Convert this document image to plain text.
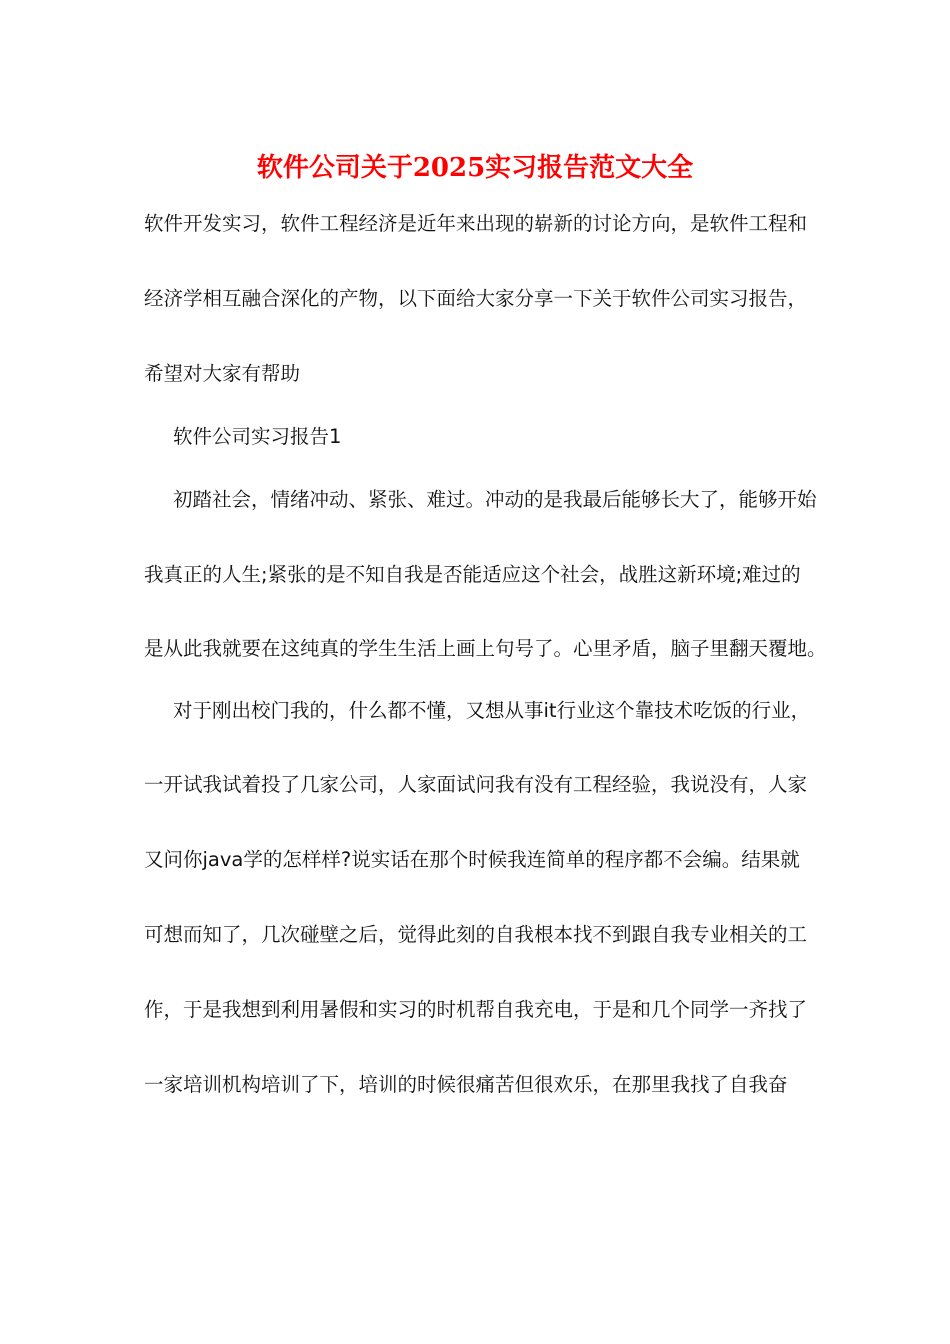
软件公司关于2025实习报告范文大全

软件开发实习，软件工程经济是近年来出现的崭新的讨论方向，是软件工程和

经济学相互融合深化的产物，以下面给大家分享一下关于软件公司实习报告，

希望对大家有帮助

软件公司实习报告1

初踏社会，情绪冲动、紧张、难过。冲动的是我最后能够长大了，能够开始

我真正的人生;紧张的是不知自我是否能适应这个社会，战胜这新环境;难过的

是从此我就要在这纯真的学生生活上画上句号了。心里矛盾，脑子里翻天覆地。

对于刚出校门我的，什么都不懂，又想从事it行业这个靠技术吃饭的行业，

一开试我试着投了几家公司，人家面试问我有没有工程经验，我说没有，人家

又问你java学的怎样样?说实话在那个时候我连简单的程序都不会编。结果就

可想而知了，几次碰壁之后，觉得此刻的自我根本找不到跟自我专业相关的工

作，于是我想到利用暑假和实习的时机帮自我充电，于是和几个同学一齐找了

一家培训机构培训了下，培训的时候很痛苦但很欢乐，在那里我找了自我奋
